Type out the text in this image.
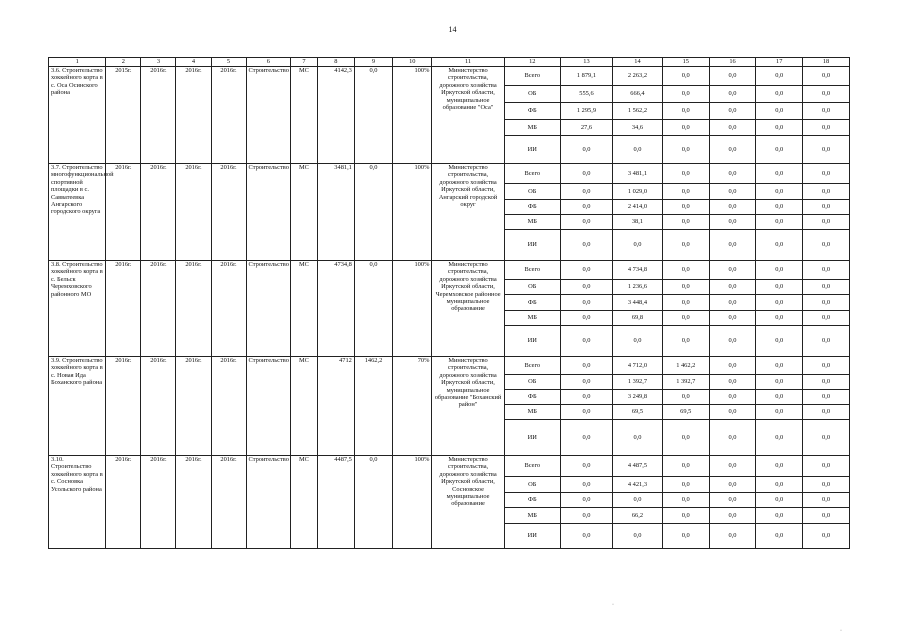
14
1	2	3	4	5	6	7	8	9	10	11	12	13	14	15	16	17	18
3.6. Строительство хоккейного корта в с. Оса Осинского района	2015г.	2016г.	2016г.	2016г.	Строительство	МС	4142,3	0,0	100%	Министерство строительства, дорожного хозяйства Иркутской области, муниципальное образование "Оса"	Всего	1 879,1	2 263,2	0,0	0,0	0,0	0,0
											ОБ	555,6	666,4	0,0	0,0	0,0	0,0
											ФБ	1 295,9	1 562,2	0,0	0,0	0,0	0,0
											МБ	27,6	34,6	0,0	0,0	0,0	0,0
											ИИ	0,0	0,0	0,0	0,0	0,0	0,0
3.7. Строительство многофункциональной спортивной площадки в с. Савватеевка Ангарского городского округа	2016г.	2016г.	2016г.	2016г.	Строительство	МС	3481,1	0,0	100%	Министерство строительства, дорожного хозяйства Иркутской области, Ангарский городской округ	Всего	0,0	3 481,1	0,0	0,0	0,0	0,0
											ОБ	0,0	1 029,0	0,0	0,0	0,0	0,0
											ФБ	0,0	2 414,0	0,0	0,0	0,0	0,0
											МБ	0,0	38,1	0,0	0,0	0,0	0,0
											ИИ	0,0	0,0	0,0	0,0	0,0	0,0
3.8. Строительство хоккейного корта в с. Бельск Черемховского районного МО	2016г.	2016г.	2016г.	2016г.	Строительство	МС	4734,8	0,0	100%	Министерство строительства, дорожного хозяйства Иркутской области, Черемховское районное муниципальное образование	Всего	0,0	4 734,8	0,0	0,0	0,0	0,0
											ОБ	0,0	1 236,6	0,0	0,0	0,0	0,0
											ФБ	0,0	3 448,4	0,0	0,0	0,0	0,0
											МБ	0,0	69,8	0,0	0,0	0,0	0,0
											ИИ	0,0	0,0	0,0	0,0	0,0	0,0
3.9. Строительство хоккейного корта в с. Новая Ида Боханского района	2016г.	2016г.	2016г.	2016г.	Строительство	МС	4712	1462,2	70%	Министерство строительства, дорожного хозяйства Иркутской области, муниципальное образование "Боханский район"	Всего	0,0	4 712,0	1 462,2	0,0	0,0	0,0
											ОБ	0,0	1 392,7	1 392,7	0,0	0,0	0,0
											ФБ	0,0	3 249,8	0,0	0,0	0,0	0,0
											МБ	0,0	69,5	69,5	0,0	0,0	0,0
											ИИ	0,0	0,0	0,0	0,0	0,0	0,0
3.10. Строительство хоккейного корта в с. Сосновка Усольского района	2016г.	2016г.	2016г.	2016г.	Строительство	МС	4487,5	0,0	100%	Министерство строительства, дорожного хозяйства Иркутской области, Сосновское муниципальное образование	Всего	0,0	4 487,5	0,0	0,0	0,0	0,0
											ОБ	0,0	4 421,3	0,0	0,0	0,0	0,0
											ФБ	0,0	0,0	0,0	0,0	0,0	0,0
											МБ	0,0	66,2	0,0	0,0	0,0	0,0
											ИИ	0,0	0,0	0,0	0,0	0,0	0,0
·
·
